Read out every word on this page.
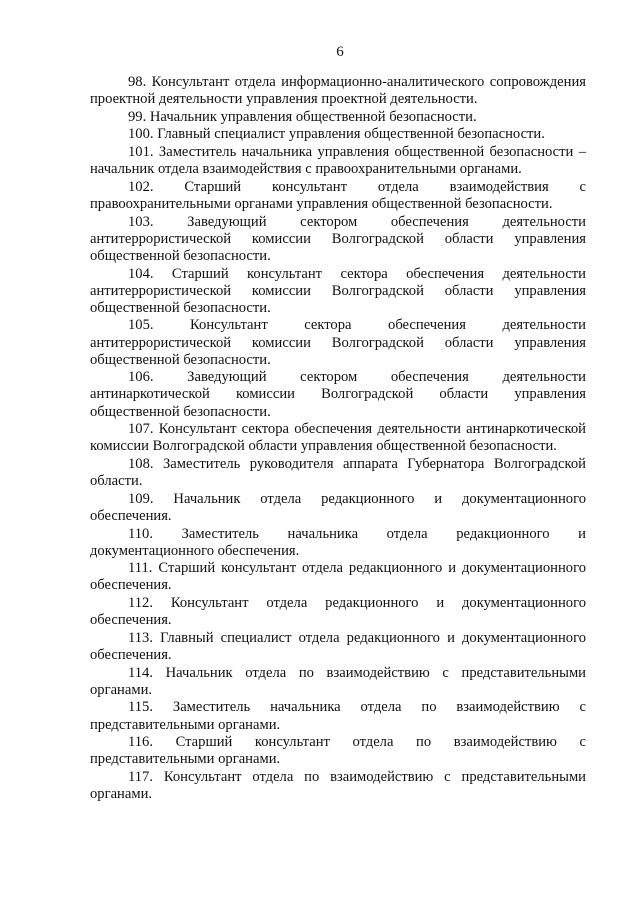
6

98. Консультант отдела информационно-аналитического сопровождения проектной деятельности управления проектной деятельности.

99. Начальник управления общественной безопасности.

100. Главный специалист управления общественной безопасности.

101. Заместитель начальника управления общественной безопасности – начальник отдела взаимодействия с правоохранительными органами.

102. Старший консультант отдела взаимодействия с правоохранительными органами управления общественной безопасности.

103. Заведующий сектором обеспечения деятельности антитеррористической комиссии Волгоградской области управления общественной безопасности.

104. Старший консультант сектора обеспечения деятельности антитеррористической комиссии Волгоградской области управления общественной безопасности.

105. Консультант сектора обеспечения деятельности антитеррористической комиссии Волгоградской области управления общественной безопасности.

106. Заведующий сектором обеспечения деятельности антинаркотической комиссии Волгоградской области управления общественной безопасности.

107. Консультант сектора обеспечения деятельности антинаркотической комиссии Волгоградской области управления общественной безопасности.

108. Заместитель руководителя аппарата Губернатора Волгоградской области.

109. Начальник отдела редакционного и документационного обеспечения.

110. Заместитель начальника отдела редакционного и документационного обеспечения.

111. Старший консультант отдела редакционного и документационного обеспечения.

112. Консультант отдела редакционного и документационного обеспечения.

113. Главный специалист отдела редакционного и документационного обеспечения.

114. Начальник отдела по взаимодействию с представительными органами.

115. Заместитель начальника отдела по взаимодействию с представительными органами.

116. Старший консультант отдела по взаимодействию с представительными органами.

117. Консультант отдела по взаимодействию с представительными органами.
